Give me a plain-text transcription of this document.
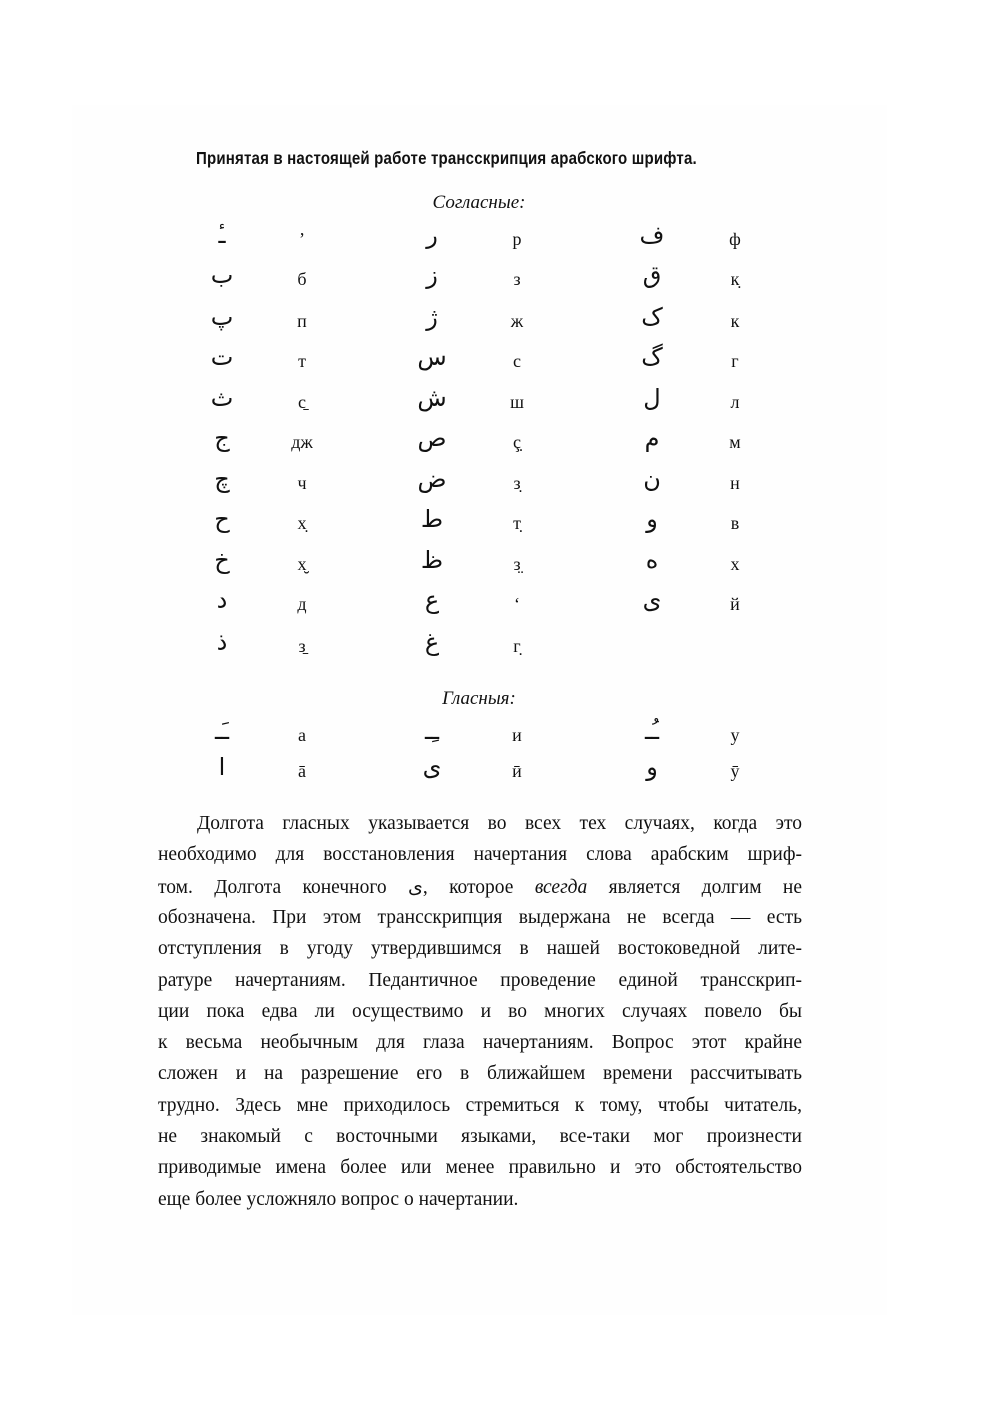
Принятая в настоящей работе трансскрипция арабского шрифта.
Согласные:
ـٔ	’	ر	р	ف	ф
ب	б	ز	з	ق	к̣
پ	п	ژ	ж	ک	к
ت	т	س	с	گ	г
ث	с̱	ش	ш	ل	л
ج	дж	ص	ç̣	م	м
چ	ч	ض	з̣	ن	н
ح	х̣	ط	т̣	و	в
خ	х̮	ظ	з̤	ه	х
د	д	ع	‘	ى	й
ذ	з̱	غ	г̣
Гласныя:
ـَـ	а	ـِـ	и	ـُـ	у
ا	ā	ى	ӣ	و	ӯ
Долгота гласных указывается во всех тех случаях, когда это
необходимо для восстановления начертания слова арабским шриф-
том. Долгота конечного ى, которое всегда является долгим не
обозначена. При этом трансскрипция выдержана не всегда — есть
отступления в угоду утвердившимся в нашей востоковедной лите-
ратуре начертаниям. Педантичное проведение единой трансскрип-
ции пока едва ли осуществимо и во многих случаях повело бы
к весьма необычным для глаза начертаниям. Вопрос этот крайне
сложен и на разрешение его в ближайшем времени рассчитывать
трудно. Здесь мне приходилось стремиться к тому, чтобы читатель,
не знакомый с восточными языками, все-таки мог произнести
приводимые имена более или менее правильно и это обстоятельство
еще более усложняло вопрос о начертании.
